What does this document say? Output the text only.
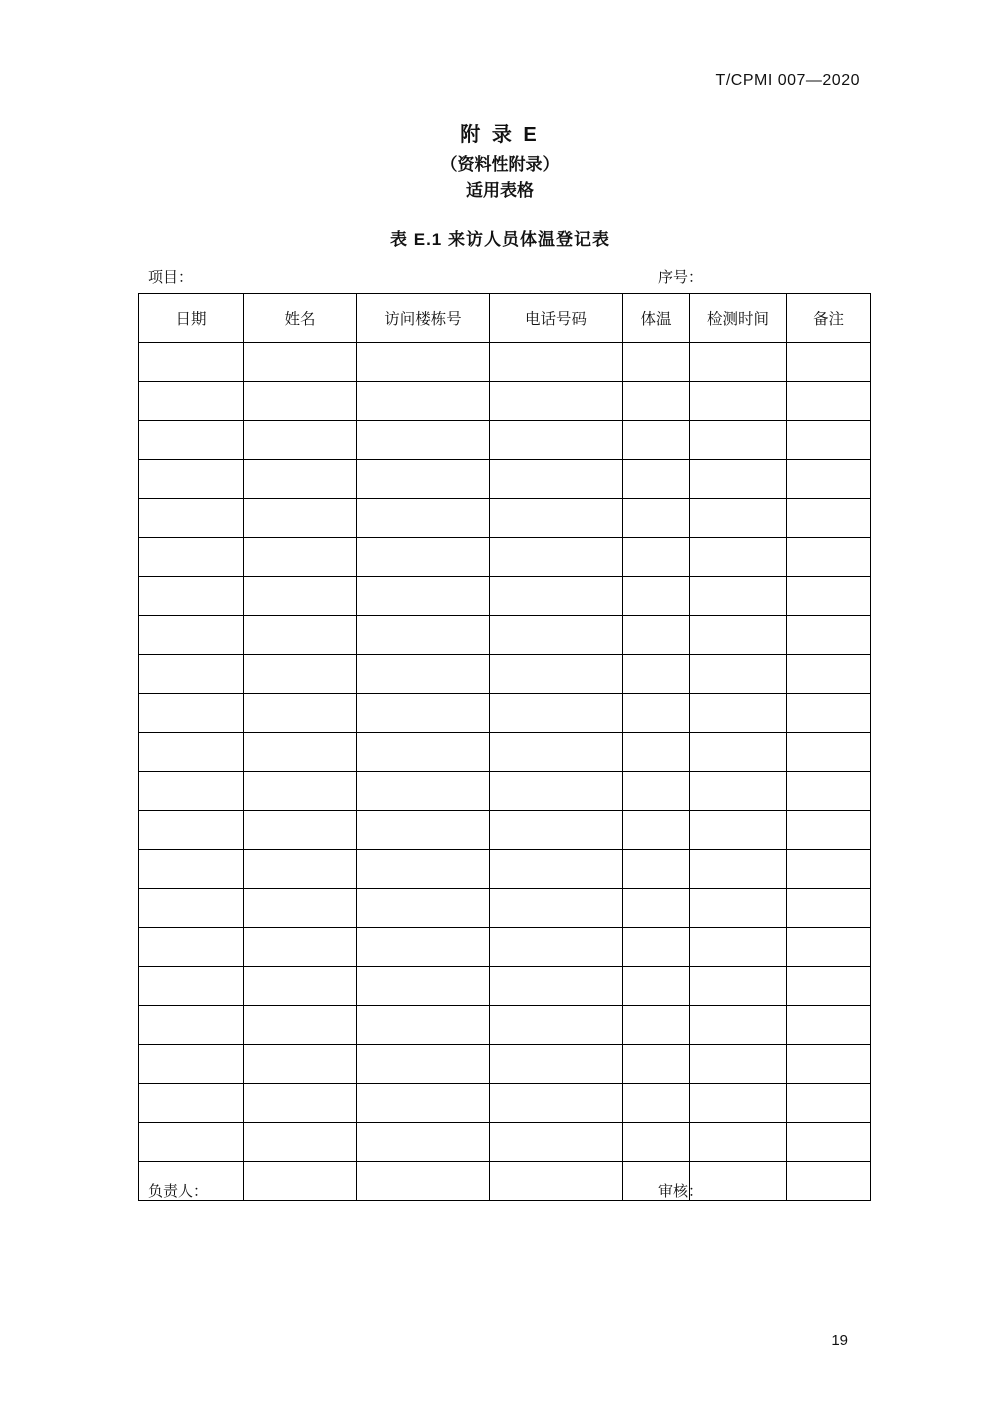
T/CPMI 007—2020
附 录 E
（资料性附录）
适用表格
表 E.1 来访人员体温登记表
项目：	序号：
日期	姓名	访问楼栋号	电话号码	体温	检测时间	备注

负责人：	审核：
19
